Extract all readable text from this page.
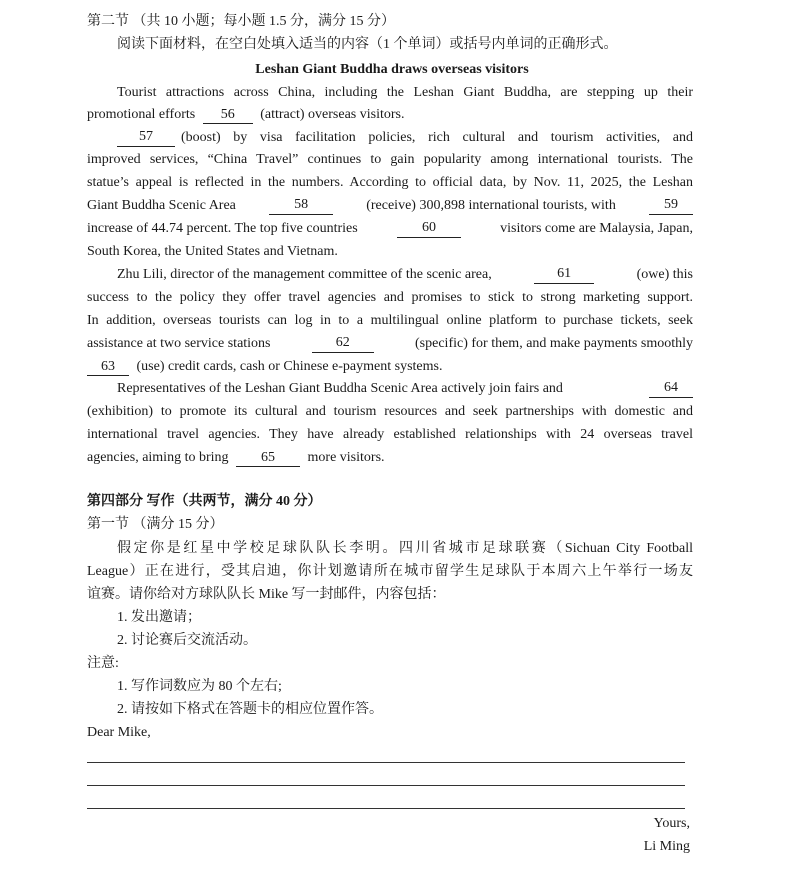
第二节 （共 10 小题；每小题 1.5 分，满分 15 分）
阅读下面材料，在空白处填入适当的内容（1 个单词）或括号内单词的正确形式。
Leshan Giant Buddha draws overseas visitors
Tourist attractions across China, including the Leshan Giant Buddha, are stepping up their
promotional efforts 56 (attract) overseas visitors.
57	(boost) by visa facilitation policies, rich cultural and tourism activities, and
improved services, “China Travel” continues to gain popularity among international tourists. The
statue’s appeal is reflected in the numbers. According to official data, by Nov. 11, 2025, the Leshan
Giant Buddha Scenic Area	58	(receive) 300,898 international tourists, with	59
increase of 44.74 percent. The top five countries	60	visitors come are Malaysia, Japan,
South Korea, the United States and Vietnam.
Zhu Lili, director of the management committee of the scenic area,	61	(owe) this
success to the policy they offer travel agencies and promises to stick to strong marketing support.
In addition, overseas tourists can log in to a multilingual online platform to purchase tickets, seek
assistance at two service stations	62	(specific) for them, and make payments smoothly
63 (use) credit cards, cash or Chinese e-payment systems.
Representatives of the Leshan Giant Buddha Scenic Area actively join fairs and	64
(exhibition) to promote its cultural and tourism resources and seek partnerships with domestic and
international travel agencies. They have already established relationships with 24 overseas travel
agencies, aiming to bring 65 more visitors.
第四部分 写作（共两节，满分 40 分）
第一节 （满分 15 分）
假定你是红星中学校足球队队长李明。四川省城市足球联赛（Sichuan City Football
League）正在进行，受其启迪，你计划邀请所在城市留学生足球队于本周六上午举行一场友
谊赛。请你给对方球队队长 Mike 写一封邮件，内容包括：
1. 发出邀请；
2. 讨论赛后交流活动。
注意:
1. 写作词数应为 80 个左右;
2. 请按如下格式在答题卡的相应位置作答。
Dear Mike,
Yours,
Li Ming
